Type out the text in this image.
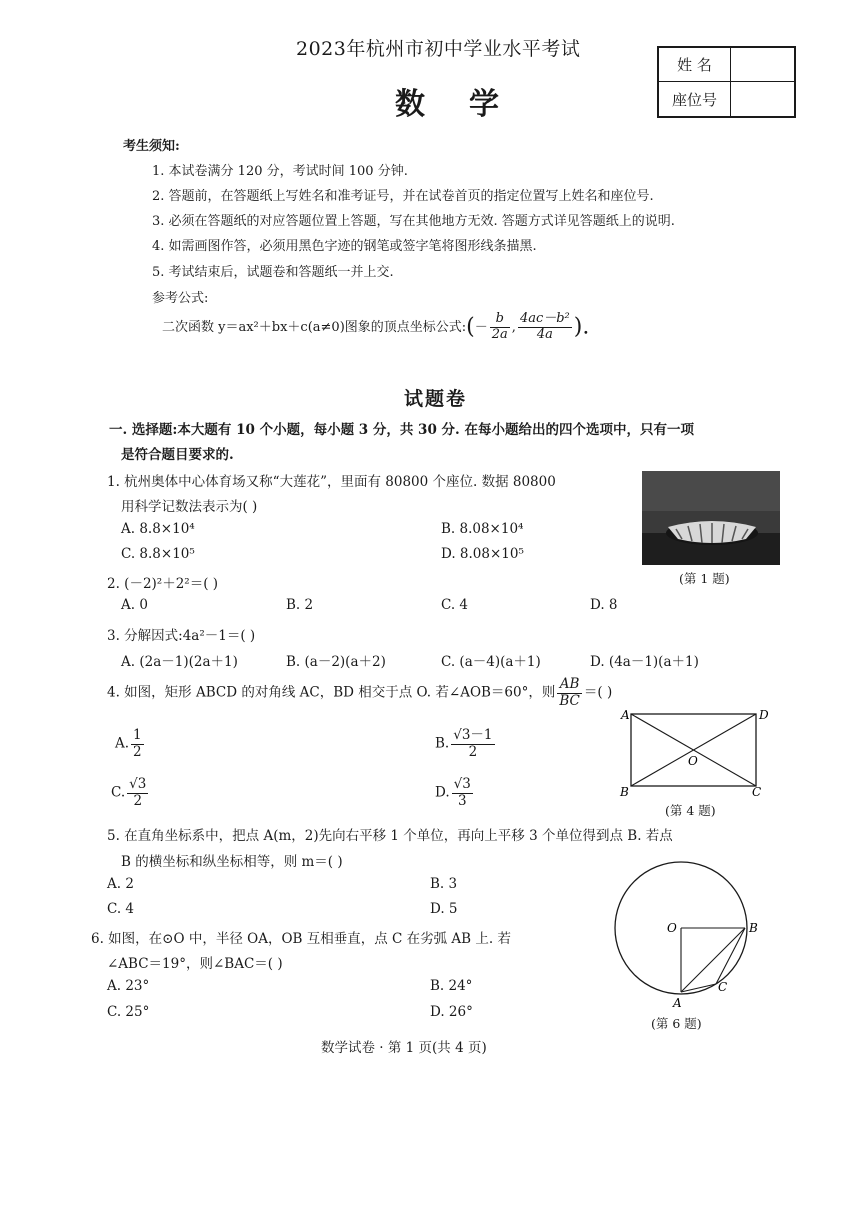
2023年杭州市初中学业水平考试
数学
姓 名
座位号
考生须知:
1. 本试卷满分 120 分，考试时间 100 分钟.
2. 答题前，在答题纸上写姓名和准考证号，并在试卷首页的指定位置写上姓名和座位号.
3. 必须在答题纸的对应答题位置上答题，写在其他地方无效. 答题方式详见答题纸上的说明.
4. 如需画图作答，必须用黑色字迹的钢笔或签字笔将图形线条描黑.
5. 考试结束后，试题卷和答题纸一并上交.
参考公式:
二次函数 y＝ax²＋bx＋c(a≠0)图象的顶点坐标公式:(－ $\frac{b}{2a}$ , $\frac{\text{4ac－b²}}{4a}$ ).
试题卷
一. 选择题:本大题有 10 个小题，每小题 3 分，共 30 分. 在每小题给出的四个选项中，只有一项
是符合题目要求的.
1. 杭州奥体中心体育场又称“大莲花”，里面有 80800 个座位. 数据 80800
用科学记数法表示为( )
A. 8.8×10⁴	B. 8.08×10⁴
C. 8.8×10⁵	D. 8.08×10⁵
(第 1 题)
2. (－2)²＋2²＝( )
A. 0	B. 2	C. 4	D. 8
3. 分解因式:4a²－1＝( )
A. (2a－1)(2a＋1)	B. (a－2)(a＋2)	C. (a－4)(a＋1)	D. (4a－1)(a＋1)
4. 如图，矩形 ABCD 的对角线 AC，BD 相交于点 O. 若∠AOB＝60°，则 $\frac{AB}{BC}$ ＝( )
A. $\frac{1}{2}$	B. $\frac{√3-1}{2}$
C. $\frac{√3}{2}$	D. $\frac{√3}{3}$
A	D
B	C
O
(第 4 题)
5. 在直角坐标系中，把点 A(m，2)先向右平移 1 个单位，再向上平移 3 个单位得到点 B. 若点
B 的横坐标和纵坐标相等，则 m＝( )
A. 2	B. 3
C. 4	D. 5
6. 如图，在⊙O 中，半径 OA，OB 互相垂直，点 C 在劣弧 AB 上. 若
∠ABC＝19°，则∠BAC＝( )
A. 23°	B. 24°
C. 25°	D. 26°
O	B
A
C
(第 6 题)
数学试卷 · 第 1 页(共 4 页)
